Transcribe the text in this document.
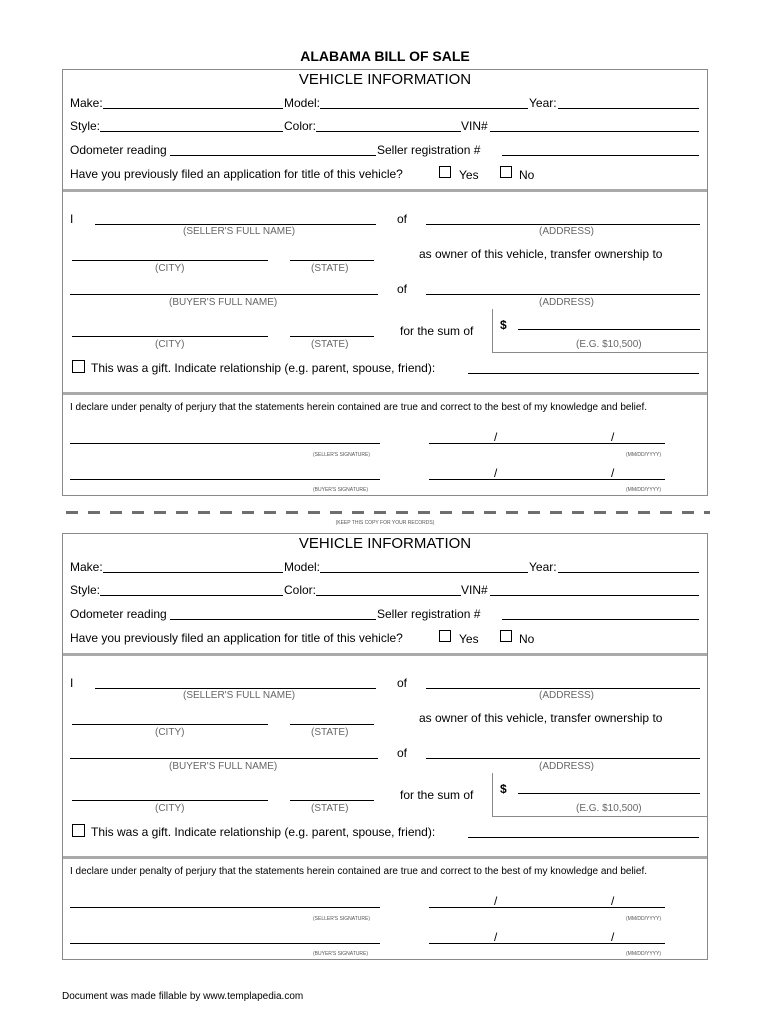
ALABAMA BILL OF SALE
VEHICLE INFORMATION
Make:	Model:	Year:
Style:	Color:	VIN#
Odometer reading	Seller registration #
Have you previously filed an application for title of this vehicle?	Yes	No
I	of
(SELLER'S FULL NAME)	(ADDRESS)
as owner of this vehicle, transfer ownership to
(CITY)	(STATE)
of
(BUYER'S FULL NAME)	(ADDRESS)
(CITY)	(STATE)
for the sum of $
(E.G. $10,500)
This was a gift. Indicate relationship (e.g. parent, spouse, friend):
I declare under penalty of perjury that the statements herein contained are true and correct to the best of my knowledge and belief.
(SELLER'S SIGNATURE)
/	/
(MM/DD/YYYY)
(BUYER'S SIGNATURE)
/	/
(MM/DD/YYYY)
(KEEP THIS COPY FOR YOUR RECORDS)
VEHICLE INFORMATION
Make:	Model:	Year:
Style:	Color:	VIN#
Odometer reading	Seller registration #
Have you previously filed an application for title of this vehicle?	Yes	No
I	of
(SELLER'S FULL NAME)	(ADDRESS)
as owner of this vehicle, transfer ownership to
(CITY)	(STATE)
of
(BUYER'S FULL NAME)	(ADDRESS)
(CITY)	(STATE)
for the sum of $
(E.G. $10,500)
This was a gift. Indicate relationship (e.g. parent, spouse, friend):
I declare under penalty of perjury that the statements herein contained are true and correct to the best of my knowledge and belief.
(SELLER'S SIGNATURE)
/	/
(MM/DD/YYYY)
(BUYER'S SIGNATURE)
/	/
(MM/DD/YYYY)
Document was made fillable by www.templapedia.com
